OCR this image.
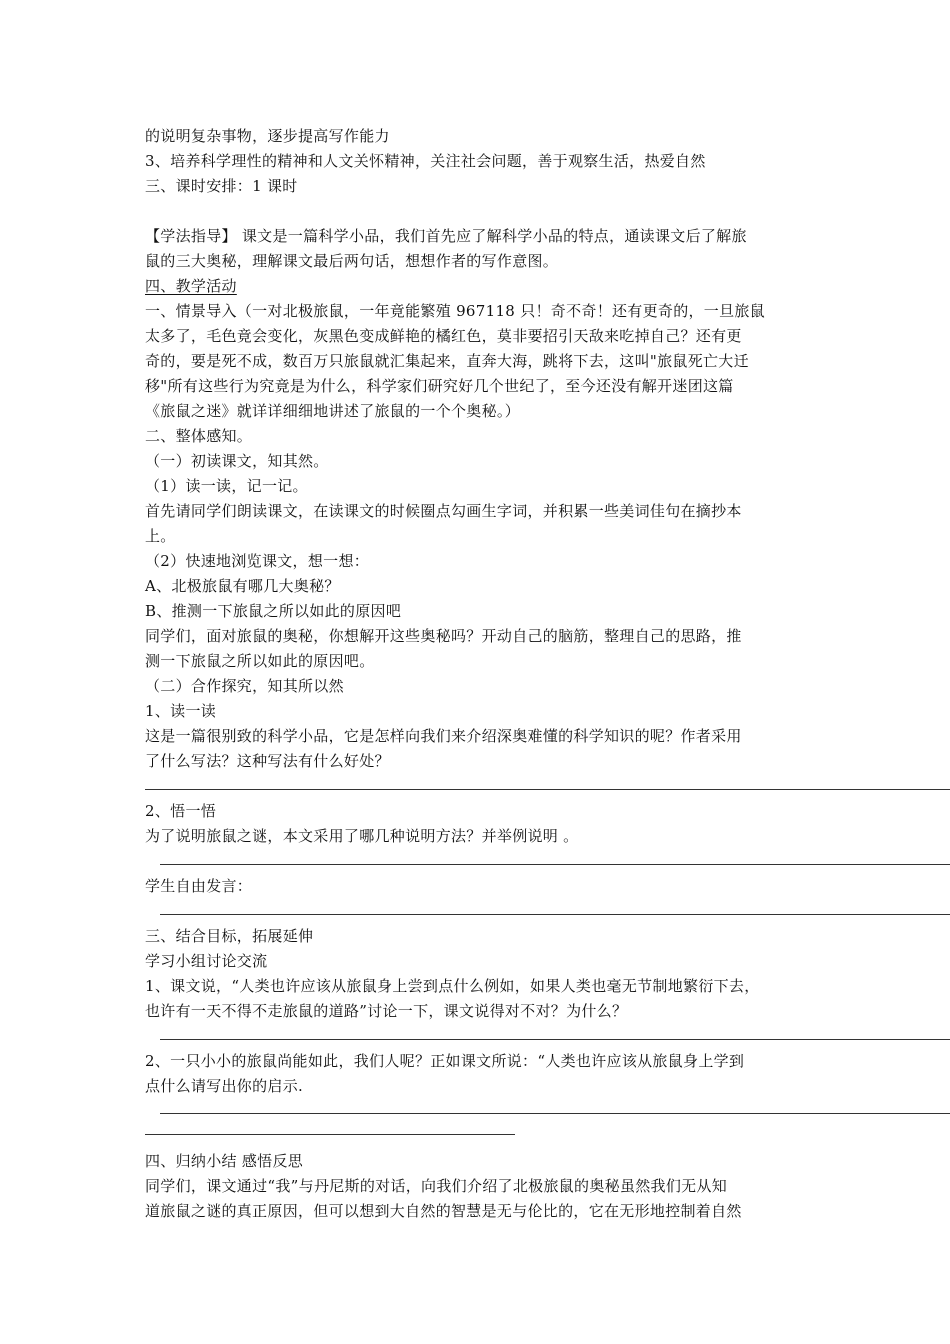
的说明复杂事物，逐步提高写作能力
3、培养科学理性的精神和人文关怀精神，关注社会问题，善于观察生活，热爱自然
三、课时安排：1 课时
【学法指导】 课文是一篇科学小品，我们首先应了解科学小品的特点，通读课文后了解旅
鼠的三大奥秘，理解课文最后两句话，想想作者的写作意图。
四、教学活动
一、情景导入（一对北极旅鼠，一年竟能繁殖 967118 只！奇不奇！还有更奇的，一旦旅鼠
太多了，毛色竟会变化，灰黑色变成鲜艳的橘红色，莫非要招引天敌来吃掉自己？还有更
奇的，要是死不成，数百万只旅鼠就汇集起来，直奔大海，跳将下去，这叫"旅鼠死亡大迁
移"所有这些行为究竟是为什么，科学家们研究好几个世纪了，至今还没有解开迷团这篇
《旅鼠之迷》就详详细细地讲述了旅鼠的一个个奥秘。）
二、整体感知。
（一）初读课文，知其然。
（1）读一读，记一记。
首先请同学们朗读课文，在读课文的时候圈点勾画生字词，并积累一些美词佳句在摘抄本
上。
（2）快速地浏览课文，想一想：
A、北极旅鼠有哪几大奥秘？
B、推测一下旅鼠之所以如此的原因吧
同学们，面对旅鼠的奥秘，你想解开这些奥秘吗？开动自己的脑筋，整理自己的思路，推
测一下旅鼠之所以如此的原因吧。
（二）合作探究，知其所以然
1、读一读
这是一篇很别致的科学小品，它是怎样向我们来介绍深奥难懂的科学知识的呢？作者采用
了什么写法？这种写法有什么好处？
2、悟一悟
为了说明旅鼠之谜，本文采用了哪几种说明方法？并举例说明 。
学生自由发言：
三、结合目标，拓展延伸
学习小组讨论交流
1、课文说，“人类也许应该从旅鼠身上尝到点什么例如，如果人类也毫无节制地繁衍下去，
也许有一天不得不走旅鼠的道路”讨论一下，课文说得对不对？为什么？
2、一只小小的旅鼠尚能如此，我们人呢？正如课文所说：“人类也许应该从旅鼠身上学到
点什么请写出你的启示.
四、归纳小结 感悟反思
同学们，课文通过“我”与丹尼斯的对话，向我们介绍了北极旅鼠的奥秘虽然我们无从知
道旅鼠之谜的真正原因，但可以想到大自然的智慧是无与伦比的，它在无形地控制着自然
